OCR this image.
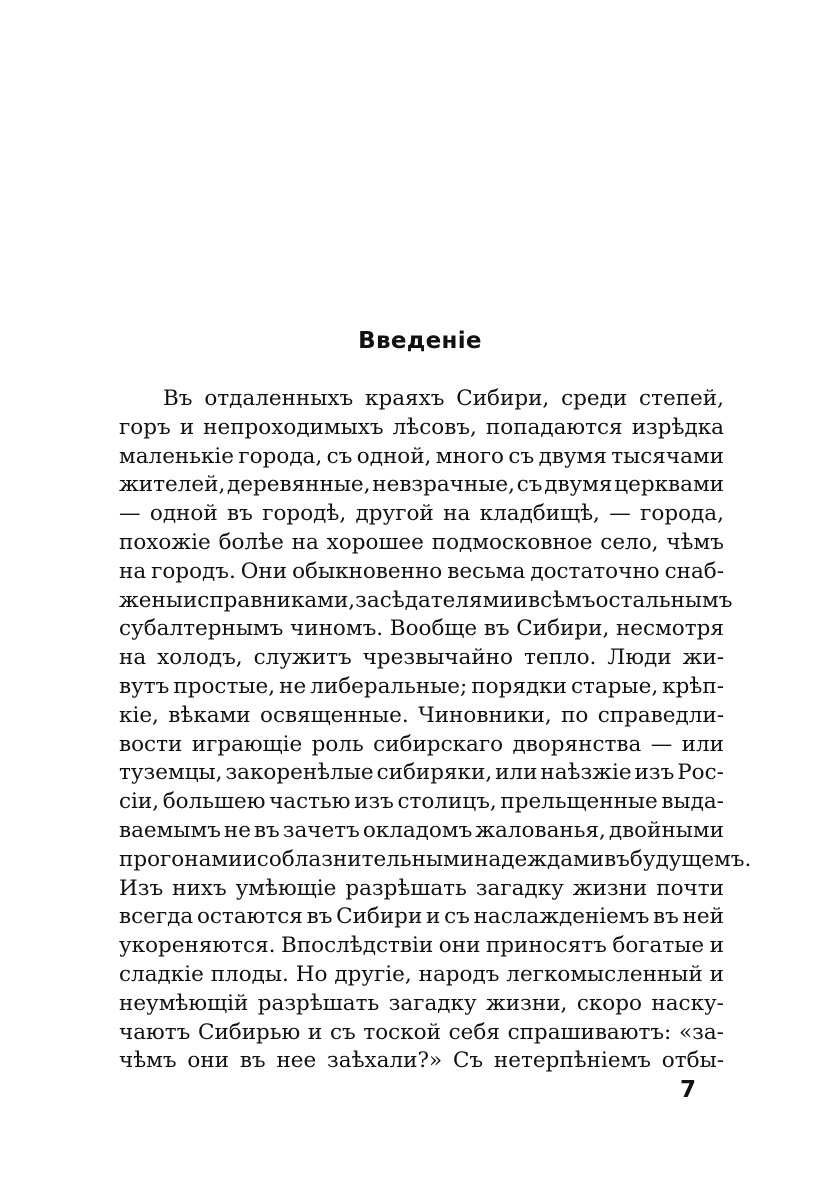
Введеніе
Въ отдаленныхъ краяхъ Сибири, среди степей,
горъ и непроходимыхъ лѣсовъ, попадаются изрѣдка
маленькіе города, съ одной, много съ двумя тысячами
жителей, деревянные, невзрачные, съ двумя церквами
— одной въ городѣ, другой на кладбищѣ, — города,
похожіе болѣе на хорошее подмосковное село, чѣмъ
на городъ. Они обыкновенно весьма достаточно снаб-
жены исправниками, засѣдателями и всѣмъ остальнымъ
субалтернымъ чиномъ. Вообще въ Сибири, несмотря
на холодъ, служитъ чрезвычайно тепло. Люди жи-
вутъ простые, не либеральные; порядки старые, крѣп-
кіе, вѣками освященные. Чиновники, по справедли-
вости играющіе роль сибирскаго дворянства — или
туземцы, закоренѣлые сибиряки, или наѣзжіе изъ Рос-
сіи, большею частью изъ столицъ, прельщенные выда-
ваемымъ не въ зачетъ окладомъ жалованья, двойными
прогонами и соблазнительными надеждами въ будущемъ.
Изъ нихъ умѣющіе разрѣшать загадку жизни почти
всегда остаются въ Сибири и съ наслажденіемъ въ ней
укореняются. Впослѣдствіи они приносятъ богатые и
сладкіе плоды. Но другіе, народъ легкомысленный и
неумѣющій разрѣшать загадку жизни, скоро наску-
чаютъ Сибирью и съ тоской себя спрашиваютъ: «за-
чѣмъ они въ нее заѣхали?» Съ нетерпѣніемъ отбы-
7
